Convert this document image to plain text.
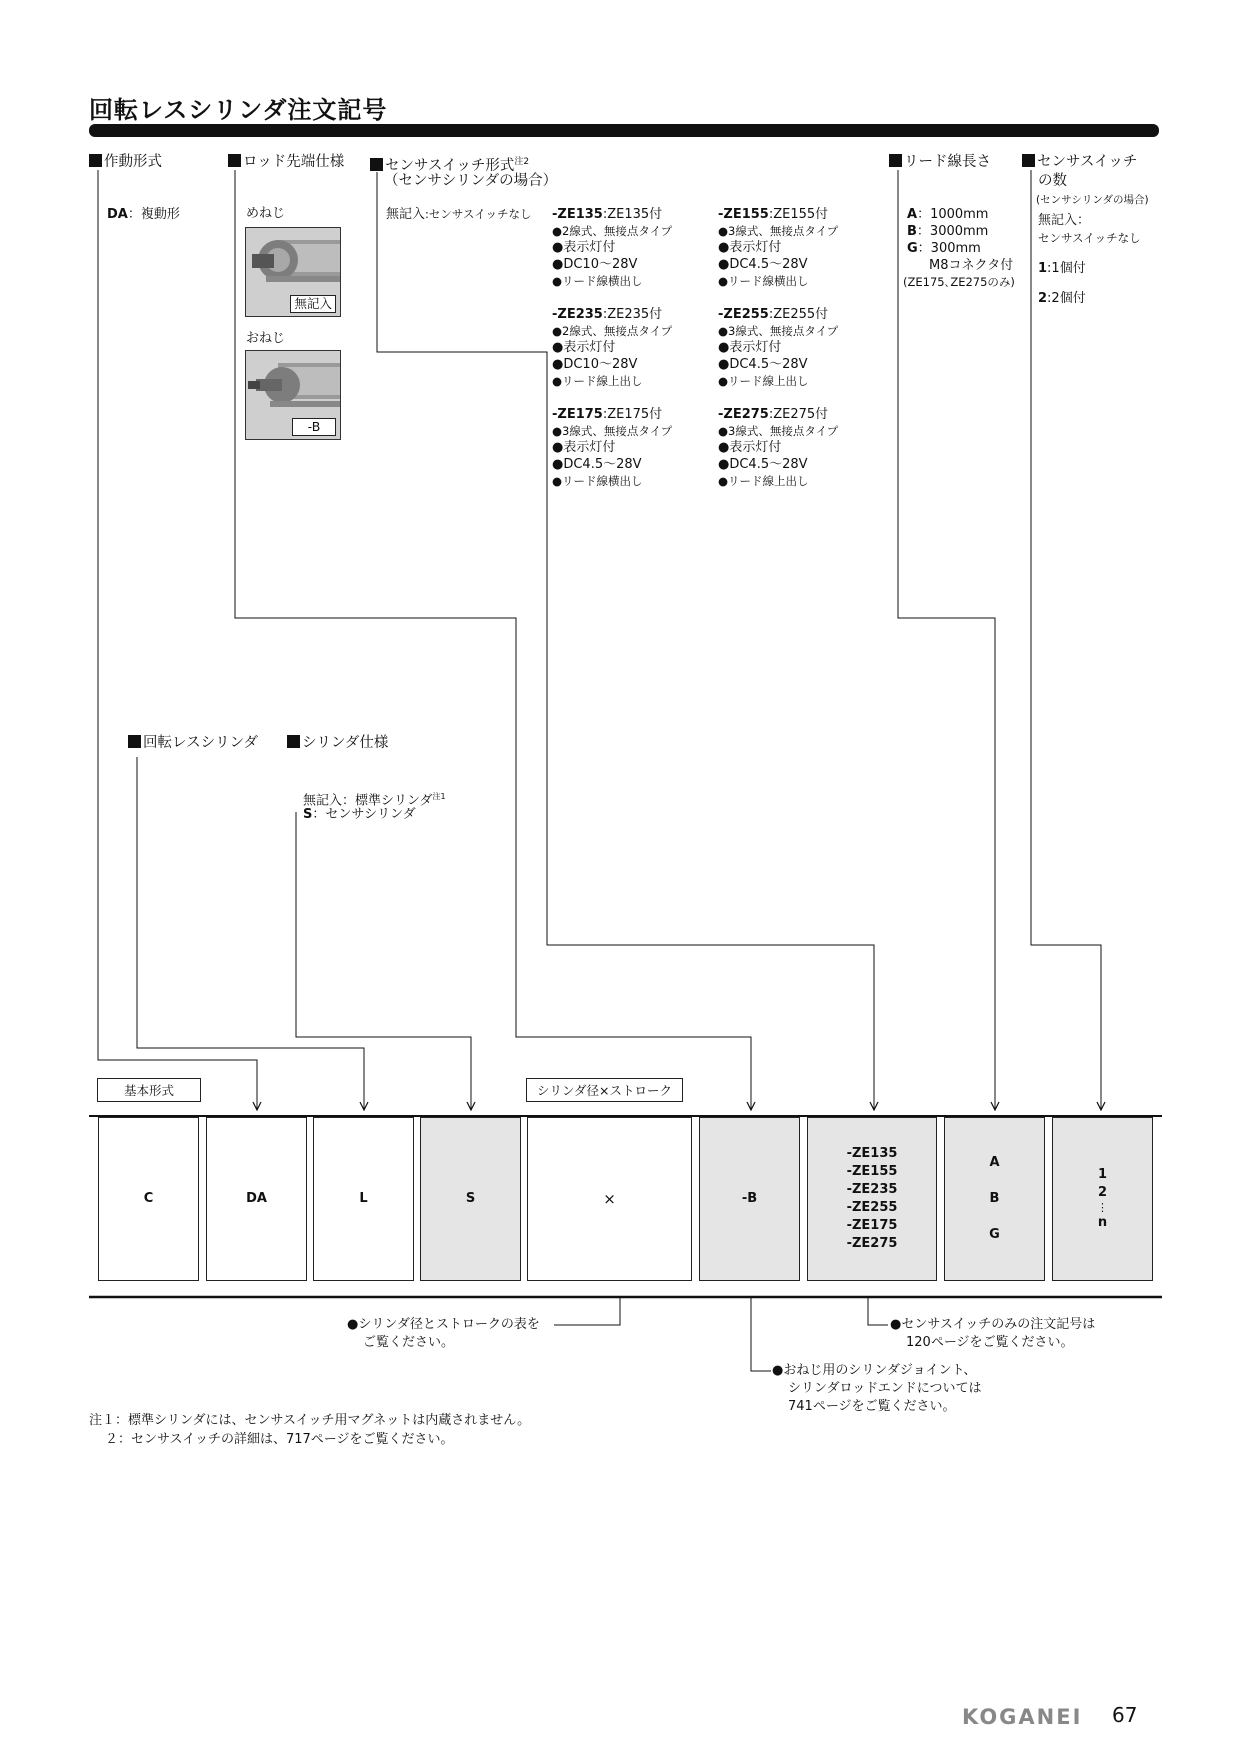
回転レスシリンダ注文記号
作動形式
DA：複動形
ロッド先端仕様
めねじ
無記入
おねじ
-B
センサスイッチ形式$^{注2}$
（センサシリンダの場合）
無記入:センサスイッチなし -ZE135:ZE135付
●2線式、無接点タイプ
●表示灯付
●DC10～28V
●リード線横出し
-ZE155:ZE155付
●3線式、無接点タイプ
●表示灯付
●DC4.5～28V
●リード線横出し
-ZE235:ZE235付
●2線式、無接点タイプ
●表示灯付
●DC10～28V
●リード線上出し
-ZE255:ZE255付
●3線式、無接点タイプ
●表示灯付
●DC4.5～28V
●リード線上出し
-ZE175:ZE175付
●3線式、無接点タイプ
●表示灯付
●DC4.5～28V
●リード線横出し
-ZE275:ZE275付
●3線式、無接点タイプ
●表示灯付
●DC4.5～28V
●リード線上出し
リード線長さ
A：1000mm
B：3000mm
G：300mm
M8コネクタ付
(ZE175､ZE275のみ)
センサスイッチ
の数
(センサシリンダの場合)
無記入：
センサスイッチなし
1:1個付
2:2個付
回転レスシリンダ	シリンダ仕様
無記入：標準シリンダ$^{注1}$
S：センサシリンダ
基本形式	シリンダ径×ストローク
C	DA	L	S	×	-B
-ZE135
-ZE155
-ZE235
-ZE255
-ZE175
-ZE275
A
B
G
1
2
⋮
n
●シリンダ径とストロークの表を
ご覧ください。
●おねじ用のシリンダジョイント、
シリンダロッドエンドについては
741ページをご覧ください。
●センサスイッチのみの注文記号は
120ページをご覧ください。
注１：標準シリンダには、センサスイッチ用マグネットは内蔵されません。
２：センサスイッチの詳細は、717ページをご覧ください。
KOGANEI 67
